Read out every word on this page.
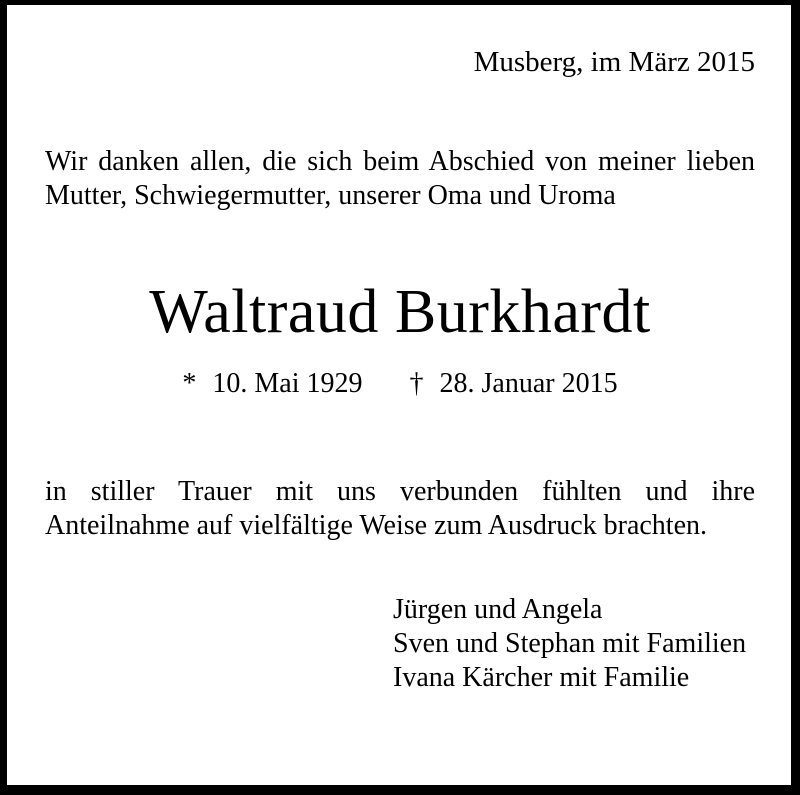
Musberg, im März 2015
Wir danken allen, die sich beim Abschied von meiner lieben
Mutter, Schwiegermutter, unserer Oma und Uroma
Waltraud Burkhardt
* 10. Mai 1929 † 28. Januar 2015
in stiller Trauer mit uns verbunden fühlten und ihre
Anteilnahme auf vielfältige Weise zum Ausdruck brachten.
Jürgen und Angela
Sven und Stephan mit Familien
Ivana Kärcher mit Familie
